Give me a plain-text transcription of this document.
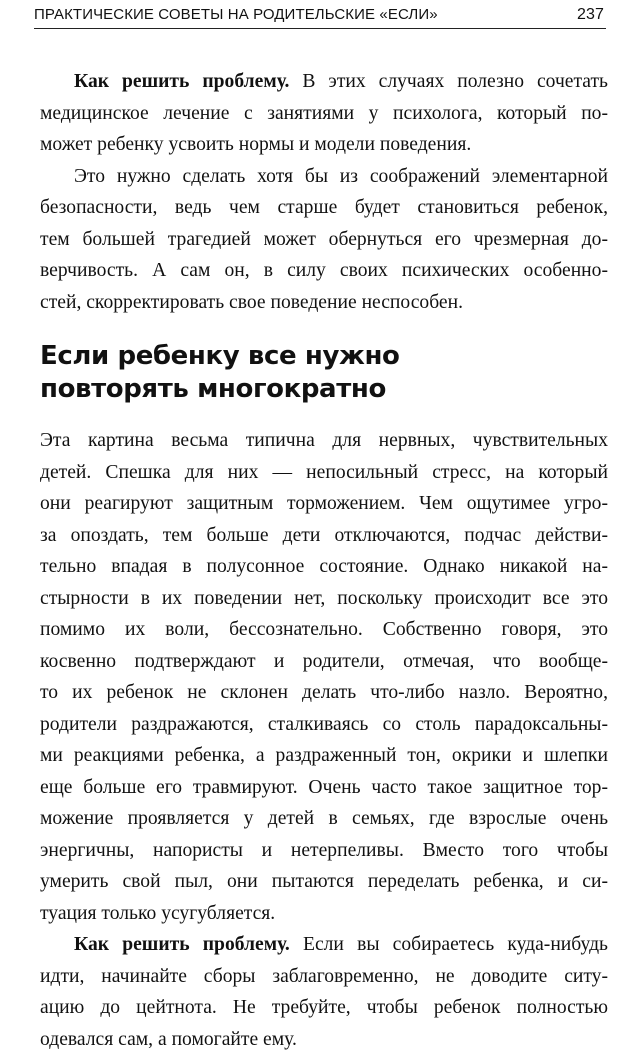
ПРАКТИЧЕСКИЕ СОВЕТЫ НА РОДИТЕЛЬСКИЕ «ЕСЛИ»	237
Как решить проблему. В этих случаях полезно сочетать
медицинское лечение с занятиями у психолога, который по-
может ребенку усвоить нормы и модели поведения.
Это нужно сделать хотя бы из соображений элементарной
безопасности, ведь чем старше будет становиться ребенок,
тем большей трагедией может обернуться его чрезмерная до-
верчивость. А сам он, в силу своих психических особенно-
стей, скорректировать свое поведение неспособен.
Если ребенку все нужно
повторять многократно
Эта картина весьма типична для нервных, чувствительных
детей. Спешка для них — непосильный стресс, на который
они реагируют защитным торможением. Чем ощутимее угро-
за опоздать, тем больше дети отключаются, подчас действи-
тельно впадая в полусонное состояние. Однако никакой на-
стырности в их поведении нет, поскольку происходит все это
помимо их воли, бессознательно. Собственно говоря, это
косвенно подтверждают и родители, отмечая, что вообще-
то их ребенок не склонен делать что-либо назло. Вероятно,
родители раздражаются, сталкиваясь со столь парадоксальны-
ми реакциями ребенка, а раздраженный тон, окрики и шлепки
еще больше его травмируют. Очень часто такое защитное тор-
можение проявляется у детей в семьях, где взрослые очень
энергичны, напористы и нетерпеливы. Вместо того чтобы
умерить свой пыл, они пытаются переделать ребенка, и си-
туация только усугубляется.
Как решить проблему. Если вы собираетесь куда-нибудь
идти, начинайте сборы заблаговременно, не доводите ситу-
ацию до цейтнота. Не требуйте, чтобы ребенок полностью
одевался сам, а помогайте ему.
